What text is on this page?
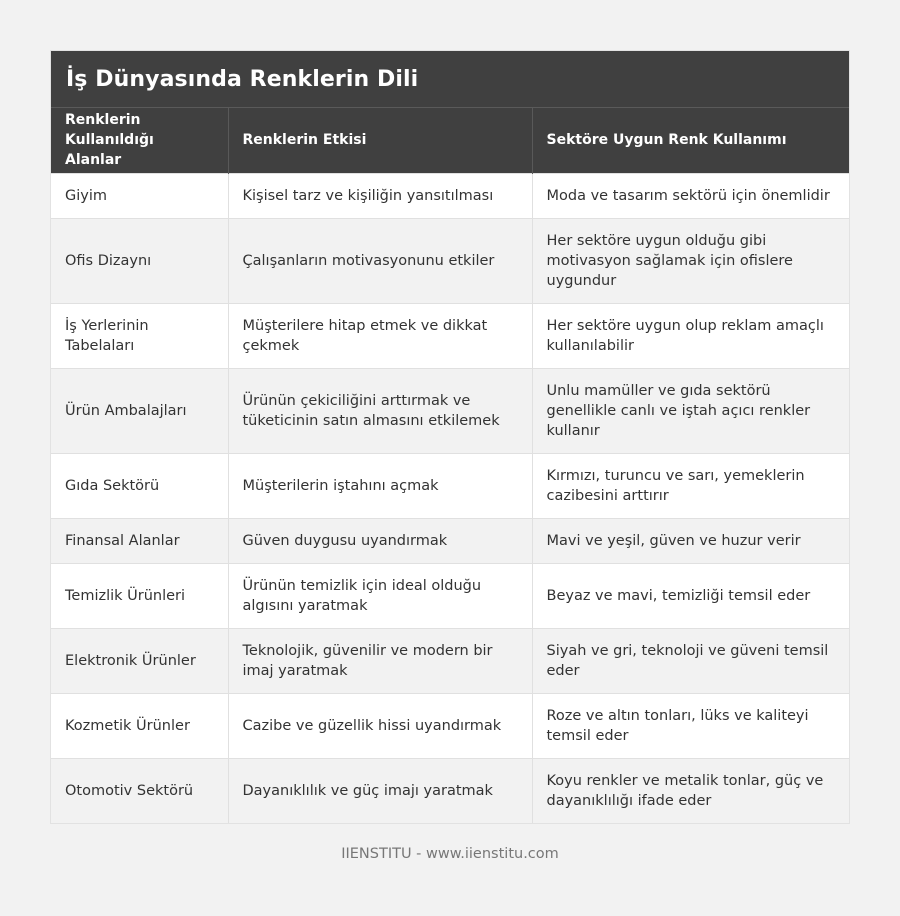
İş Dünyasında Renklerin Dili
Renklerin Kullanıldığı Alanlar	Renklerin Etkisi	Sektöre Uygun Renk Kullanımı
Giyim	Kişisel tarz ve kişiliğin yansıtılması	Moda ve tasarım sektörü için önemlidir
Ofis Dizaynı	Çalışanların motivasyonunu etkiler	Her sektöre uygun olduğu gibi motivasyon sağlamak için ofislere uygundur
İş Yerlerinin Tabelaları	Müşterilere hitap etmek ve dikkat çekmek	Her sektöre uygun olup reklam amaçlı kullanılabilir
Ürün Ambalajları	Ürünün çekiciliğini arttırmak ve tüketicinin satın almasını etkilemek	Unlu mamüller ve gıda sektörü genellikle canlı ve iştah açıcı renkler kullanır
Gıda Sektörü	Müşterilerin iştahını açmak	Kırmızı, turuncu ve sarı, yemeklerin cazibesini arttırır
Finansal Alanlar	Güven duygusu uyandırmak	Mavi ve yeşil, güven ve huzur verir
Temizlik Ürünleri	Ürünün temizlik için ideal olduğu algısını yaratmak	Beyaz ve mavi, temizliği temsil eder
Elektronik Ürünler	Teknolojik, güvenilir ve modern bir imaj yaratmak	Siyah ve gri, teknoloji ve güveni temsil eder
Kozmetik Ürünler	Cazibe ve güzellik hissi uyandırmak	Roze ve altın tonları, lüks ve kaliteyi temsil eder
Otomotiv Sektörü	Dayanıklılık ve güç imajı yaratmak	Koyu renkler ve metalik tonlar, güç ve dayanıklılığı ifade eder
IIENSTITU - www.iienstitu.com
